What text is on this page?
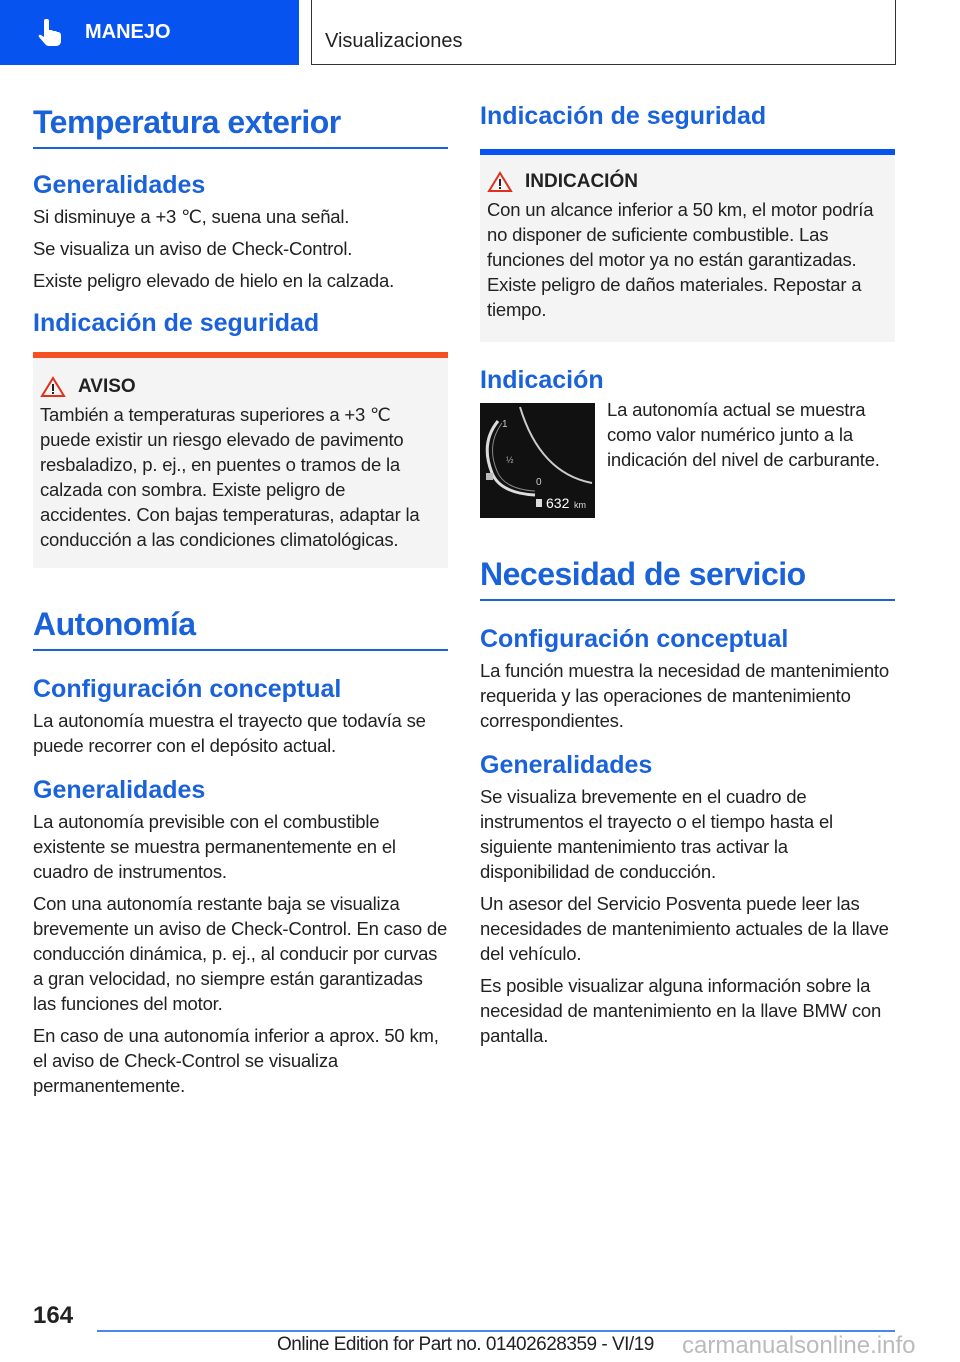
MANEJO	Visualizaciones
Temperatura exterior
Generalidades

Si disminuye a +3 ℃, suena una señal.

Se visualiza un aviso de Check-Control.

Existe peligro elevado de hielo en la calzada.

Indicación de seguridad
AVISO

También a temperaturas superiores a +3 ℃ puede existir un riesgo elevado de pavimento resbaladizo, p. ej., en puentes o tramos de la calzada con sombra. Existe peligro de accidentes. Con bajas temperaturas, adaptar la conducción a las condiciones climatológicas.

Autonomía
Configuración conceptual

La autonomía muestra el trayecto que todavía se puede recorrer con el depósito actual.

Generalidades

La autonomía previsible con el combustible existente se muestra permanentemente en el cuadro de instrumentos.

Con una autonomía restante baja se visualiza brevemente un aviso de Check-Control. En caso de conducción dinámica, p. ej., al conducir por curvas a gran velocidad, no siempre están garantizadas las funciones del motor.

En caso de una autonomía inferior a aprox. 50 km, el aviso de Check-Control se visualiza permanentemente.

Indicación de seguridad
INDICACIÓN

Con un alcance inferior a 50 km, el motor podría no disponer de suficiente combustible. Las funciones del motor ya no están garantizadas. Existe peligro de daños materiales. Repostar a tiempo.

Indicación
1
½
0
632 km

La autonomía actual se muestra como valor numérico junto a la indicación del nivel de carburante.

Necesidad de servicio
Configuración conceptual

La función muestra la necesidad de mantenimiento requerida y las operaciones de mantenimiento correspondientes.

Generalidades

Se visualiza brevemente en el cuadro de instrumentos el trayecto o el tiempo hasta el siguiente mantenimiento tras activar la disponibilidad de conducción.

Un asesor del Servicio Posventa puede leer las necesidades de mantenimiento actuales de la llave del vehículo.

Es posible visualizar alguna información sobre la necesidad de mantenimiento en la llave BMW con pantalla.

164
Online Edition for Part no. 01402628359 - VI/19 carmanualsonline.info
